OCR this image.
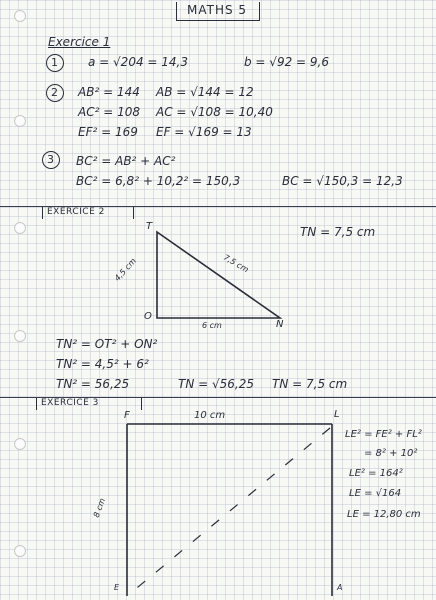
MATHS 5
Exercice 1
1	a = √204 = 14,3	b = √92 = 9,6
2 AB² = 144 AB = √144 = 12
AC² = 108 AC = √108 = 10,40
EF² = 169 EF = √169 = 13
3 BC² = AB² + AC²
BC² = 6,8² + 10,2² = 150,3	BC = √150,3 = 12,3
EXERCICE 2
T
O
N
4,5 cm
6 cm
7,5 cm
TN = 7,5 cm
TN² = OT² + ON²
TN² = 4,5² + 6²
TN² = 56,25	TN = √56,25 TN = 7,5 cm
EXERCICE 3
F	L
E	A
10 cm
8 cm
LE² = FE² + FL²
= 8² + 10²
LE² = 164²
LE = √164
LE = 12,80 cm
